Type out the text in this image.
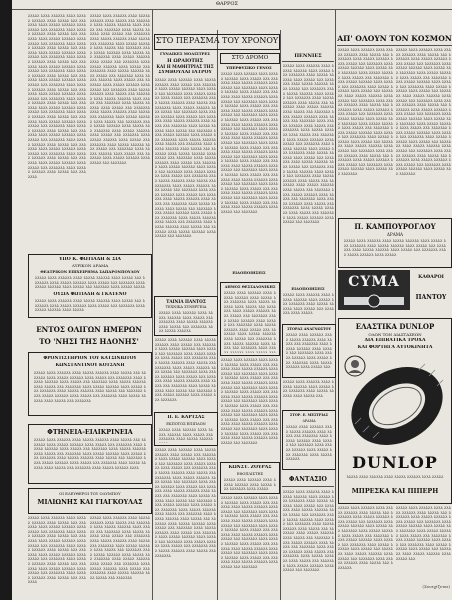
ΘΑΡΡΟΣ
λλλλλ λλλλ λλλλλλ λλλλ λλλλλ λλλλλλ λλλλ λλλλλ λλλ λλλλλλλ λλλλ λλλλλ λλλλλλ λλλλ λλλλλ λλλ λλλλλλλ λλλλ λλλλλ λλλλλλ λλλλ λλλλλ λλλ λλλλλλλ λλλλ λλλλλ λλλλλλ λλλλ λλλλλ λλλ λλλλλλλ λλλλ λλλλλ λλλλλλ λλλλ λλλλλ λλλ λλλλλλλ λλλλ λλλλλ λλλλλλ λλλλ λλλλλ λλλ λλλλλλλ λλλλ λλλλλ λλλλλλ λλλλ λλλλλ λλλ λλλλλλλ λλλλ λλλλλ λλλλλλ λλλλ λλλλλ λλλ λλλλλλλ λλλλ λλλλλ λλλλλλ λλλλ λλλλλ λλλ λλλλλλλ λλλλ λλλλλ λλλλλλ λλλλ λλλλλ λλλ λλλλλλλ λλλλ λλλλλ λλλλλλ λλλλ λλλλλ λλλ λλλλλλλ λλλλ λλλλλ λλλλλλ λλλλ λλλλλ λλλ λλλλλλλ λλλλ λλλλλ λλλλλλ λλλλ λλλλλ λλλ λλλλλλλ λλλλ λλλλλ λλλλλλ λλλλ λλλλλ λλλ λλλλλλλ λλλλ λλλλλ λλλλλλ λλλλ λλλλλ λλλ λλλλλλλ λλλλ λλλλλ λλλλλλ λλλλ λλλλλ λλλ λλλλλλλ λλλλ λλλλλ λλλλλλ λλλλ λλλλλ λλλ λλλλλλλ λλλλ λλλλλ λλλλλλ λλλλ λλλλλ λλλ λλλλλλλ λλλλ λλλλλ λλλλλλ λλλλ λλλλλ λλλ λλλλλλλ λλλλ λλλλλ λλλλλλ λλλλ λλλλλ λλλ λλλλλλλ λλλλ λλλλλ λλλλλλ λλλλ λλλλλ λλλ λλλλλλλ λλλλ λλλλλ λλλλλλ λλλλ λλλλλ λλλ λλλλλλλ λλλλ λλλλλ λλλλλλ λλλλ λλλλλ λλλ λλλλλλλ
λλλλλ λλλλ λλλλλλ λλλλ λλλλλ λλλλλλ λλλλ λλλλλ λλλ λλλλλλλ λλλλ λλλλλ λλλλλλ λλλλ λλλλλ λλλ λλλλλλλ λλλλ λλλλλ λλλλλλ λλλλ λλλλλ λλλ λλλλλλλ λλλλ λλλλλ λλλλλλ λλλλ λλλλλ λλλ λλλλλλλ λλλλ λλλλλ λλλλλλ λλλλ λλλλλ λλλ λλλλλλλ λλλλ λλλλλ λλλλλλ λλλλ λλλλλ λλλ λλλλλλλ λλλλ λλλλλ λλλλλλ λλλλ λλλλλ λλλ λλλλλλλ λλλλ λλλλλ λλλλλλ λλλλ λλλλλ λλλ λλλλλλλ λλλλ λλλλλ λλλλλλ λλλλ λλλλλ λλλ λλλλλλλ λλλλ λλλλλ λλλλλλ λλλλ λλλλλ λλλ λλλλλλλ λλλλ λλλλλ λλλλλλ λλλλ λλλλλ λλλ λλλλλλλ λλλλ λλλλλ λλλλλλ λλλλ λλλλλ λλλ λλλλλλλ λλλλ λλλλλ λλλλλλ λλλλ λλλλλ λλλ λλλλλλλ λλλλ λλλλλ λλλλλλ λλλλ λλλλλ λλλ λλλλλλλ λλλλ λλλλλ λλλλλλ λλλλ λλλλλ λλλ λλλλλλλ λλλλ λλλλλ λλλλλλ λλλλ λλλλλ λλλ λλλλλλλ λλλλ λλλλλ λλλλλλ λλλλ λλλλλ λλλ λλλλλλλ λλλλ λλλλλ λλλλλλ λλλλ λλλλλ λλλ λλλλλλλ λλλλ λλλλλ λλλλλλ λλλλ λλλλλ λλλ λλλλλλλ λλλλ λλλλλ λλλλλλ λλλλ λλλλλ λλλ λλλλλλλ λλλλ λλλλλ λλλλλλ λλλλ λλλλλ λλλ λλλλλλλ λλλλ λλλλλ λλλλλλ λλλλ λλλλλ λλλ λλλλλλλ
ΥΠΟ Κ. ΦΩΤΙΑΔΗ & ΣΙΑ
ΛΥΡΙΚΟΝ ΔΡΑΜΑ
ΘΕΑΤΡΙΚΟΝ ΕΠΙΧΕΙΡΗΜΑ ΣΑΠΑΡΟΝΠΟΥΛΟΥ
λλλλλ λλλλ λλλλλλ λλλλ λλλλλ λλλλλλ λλλλ λλλλλ λλλ λλλλλλλ λλλλ λλλλλ λλλλλλ λλλλ λλλλλ λλλ λλλλλλλ λλλλ λλλλλ λλλλλλ λλλλ λλλλλ λλλ λλλλλλλ λλλλ λλλλλ λλλλλ
ΟΥΣΙΑ ΦΩΤΙΑΔΗ & ΓΚΑΤΕΝΟ
λλλλλ λλλλ λλλλλλ λλλλ λλλλλ λλλλλλ λλλλ λλλλλ λλλ λλλλλλλ λλλλ λλλλλ λλλλλλ λλλλ λλλλλ λλλ λλλλλλλ λλλλ λλλλλ λλλλλλ λλλλ λλλλλ
ΕΝΤΟΣ ΟΛΙΓΩΝ ΗΜΕΡΩΝ
ΤΟ 'ΝΗΣΙ ΤΗΣ ΗΔΟΝΗΣ'
ΦΡΟΝΤΙΣΤΗΡΙΟΝ ΤΟΥ ΚΑΤΣΙΝΙΩΤΟΥ
ΚΩΝΣΤΑΝΤΙΝΟΥ ΚΟΤΣΑΝΗ
λλλλλ λλλλ λλλλλλ λλλλ λλλλλ λλλλλλ λλλλ λλλλλ λλλ λλλλλλλ λλλλ λλλλλ λλλλλλ λλλλ λλλλλ λλλ λλλλλλλ λλλλ λλλλλ λλλλλλ λλλλ λλλλλ λλλ λλλλλλλ λλλλ λλλλλ λλλλλλ λλλλ λλλλλ λλλ λλλλλλλ λλλλ λλλλλ λλλλλλ λλλλ λλλλλ λλλ λλλλλλλ λλλλ λλλλλ λλλλλλ λλλλ λλλλλ λλλ λλλλλλλ λλλλ λλλλλ λλλλλλ λλλλ λλλλλ λλλ λλλλλλλ λλλλ λλλλλ λλλλλλ λλλλ λλλλλ λλλ λλλλλλλ
ΦΤΗΝΕΙΑ-ΕΙΛΙΚΡΙΝΕΙΑ
λλλλλ λλλλ λλλλλλ λλλλ λλλλλ λλλλλλ λλλλ λλλλλ λλλ λλλλλλλ λλλλ λλλλλ λλλλλλ λλλλ λλλλλ λλλ λλλλλλλ λλλλ λλλλλ λλλλλλ λλλλ λλλλλ λλλ λλλλλλλ λλλλ λλλλλ λλλλλλ λλλλ λλλλλ λλλ λλλλλλλ λλλλ λλλλλ λλλλλλ λλλλ λλλλλ λλλ λλλλλλλ λλλλ λλλλλ λλλλλλ λλλλ λλλλλ λλλ λλλλλλλ λλλλ λλλλλ λλλλλλ λλλλ λλλλλ λλλ λλλλλλλ λλλλ λλλλλ λλλλλλ λλλλ λλλλλ λλλ λλλλλλλ λλλλ λλλλλ λλλλλλ λλλλ
ΟΙ ΕΛΕΥΘΕΡΟΙ ΤΟΥ ΟΛΥΜΠΟΥ
ΜΙΛΙΩΝΗΣ ΚΑΙ ΓΙΑΓΚΟΥΛΑΣ
λλλλλ λλλλ λλλλλλ λλλλ λλλλλ λλλλλλ λλλλ λλλλλ λλλ λλλλλλλ λλλλ λλλλλ λλλλλλ λλλλ λλλλλ λλλ λλλλλλλ λλλλ λλλλλ λλλλλλ λλλλ λλλλλ λλλ λλλλλλλ λλλλ λλλλλ λλλλλλ λλλλ λλλλλ λλλ λλλλλλλ λλλλ λλλλλ λλλλλλ λλλλ λλλλλ λλλ λλλλλλλ λλλλ λλλλλ λλλλλλ λλλλ λλλλλ λλλ λλλλλλλ λλλλ λλλλλ λλλλλλ λλλλ λλλλλ λλλ λλλλλλλ λλλλ λλλλλ λλλλλλ λλλλ λλλλλ λλλ λλλλλλλ λλλλ λλλλλ λλλλλλ λλλλ λλλλλ λλλ λλλλλλλ
λλλλλ λλλλ λλλλλλ λλλλ λλλλλ λλλλλλ λλλλ λλλλλ λλλ λλλλλλλ λλλλ λλλλλ λλλλλλ λλλλ λλλλλ λλλ λλλλλλλ λλλλ λλλλλ λλλλλλ λλλλ λλλλλ λλλ λλλλλλλ λλλλ λλλλλ λλλλλλ λλλλ λλλλλ λλλ λλλλλλλ λλλλ λλλλλ λλλλλλ λλλλ λλλλλ λλλ λλλλλλλ λλλλ λλλλλ λλλλλλ λλλλ λλλλλ λλλ λλλλλλλ λλλλ λλλλλ λλλλλλ λλλλ λλλλλ λλλ λλλλλλλ λλλλ λλλλλ λλλλλλ λλλλ λλλλλ λλλ λλλλλλλ λλλλ λλλλλ λλλλλλ λλλλ λλλλλ λλλ λλλλλλλ
ΣΤΟ ΠΕΡΑΣΜΑ ΤΟΥ ΧΡΟΝΟΥ
ΓΥΝΑΙΚΕΣ ΜΟΔΙΣΤΡΕΣ
Η ΩΡΑΙΟΤΗΣ
ΚΑΙ Η ΜΑΘΗΤΡΙΑΣ ΤΗΣ
ΣΥΜΒΟΥΛΑΙ ΙΑΤΡΟΥ
λλλλλ λλλλ λλλλλλ λλλλ λλλλλ λλλλλλ λλλλ λλλλλ λλλ λλλλλλλ λλλλ λλλλλ λλλλλλ λλλλ λλλλλ λλλ λλλλλλλ λλλλ λλλλλ λλλλλλ λλλλ λλλλλ λλλ λλλλλλλ λλλλ λλλλλ λλλλλλ λλλλ λλλλλ λλλ λλλλλλλ λλλλ λλλλλ λλλλλλ λλλλ λλλλλ λλλ λλλλλλλ λλλλ λλλλλ λλλλλλ λλλλ λλλλλ λλλ λλλλλλλ λλλλ λλλλλ λλλλλλ λλλλ λλλλλ λλλ λλλλλλλ λλλλ λλλλλ λλλλλλ λλλλ λλλλλ λλλ λλλλλλλ λλλλ λλλλλ λλλλλλ λλλλ λλλλλ λλλ λλλλλλλ λλλλ λλλλλ λλλλλλ λλλλ λλλλλ λλλ λλλλλλλ λλλλ λλλλλ λλλλλλ λλλλ λλλλλ λλλ λλλλλλλ λλλλ λλλλλ λλλλλλ λλλλ λλλλλ λλλ λλλλλλλ λλλλ λλλλλ λλλλλλ λλλλ λλλλλ λλλ λλλλλλλ λλλλ λλλλλ λλλλλλ λλλλ λλλλλ λλλ λλλλλλλ λλλλ λλλλλ λλλλλλ λλλλ λλλλλ λλλ λλλλλλλ λλλλ λλλλλ λλλλλλ λλλλ λλλλλ λλλ λλλλλλλ λλλλ λλλλλ λλλλλλ λλλλ λλλλλ λλλ λλλλλλλ λλλλ λλλλλ λλλλλλ λλλλ λλλλλ λλλ λλλλλλλ λλλλ λλλλλ λλλλλλ λλλλ λλλλλ λλλ λλλλλλλ λλλλ λλλλλ λλλλλλ λλλλ λλλλλ λλλ λλλλλλλ λλλλ λλλλλ λλλλλλ λλλλ λλλλλ λλλ λλλλλλλ λλλλ λλλλλ λλλλλλ λλλλ λλλλλ λλλ λλλλλλλ λλλλ λλλλλ λλλλλλ λλλλ λλλλλ λλλ λλλλλλλ λλλλ λλλλλ λλλλλλ λλλλ λλλλλ λλλ λλλλλλλ
ΣΤΟ ΔΡΟΜΟ
ΥΠΕΡΦΥΣΙΚΟ ΓΕΝΟΣ
λλλλλ λλλλ λλλλλλ λλλλ λλλλλ λλλλλλ λλλλ λλλλλ λλλ λλλλλλλ λλλλ λλλλλ λλλλλλ λλλλ λλλλλ λλλ λλλλλλλ λλλλ λλλλλ λλλλλλ λλλλ λλλλλ λλλ λλλλλλλ λλλλ λλλλλ λλλλλλ λλλλ λλλλλ λλλ λλλλλλλ λλλλ λλλλλ λλλλλλ λλλλ λλλλλ λλλ λλλλλλλ λλλλ λλλλλ λλλλλλ λλλλ λλλλλ λλλ λλλλλλλ λλλλ λλλλλ λλλλλλ λλλλ λλλλλ λλλ λλλλλλλ λλλλ λλλλλ λλλλλλ λλλλ λλλλλ λλλ λλλλλλλ λλλλ λλλλλ λλλλλλ λλλλ λλλλλ λλλ λλλλλλλ λλλλ λλλλλ λλλλλλ λλλλ λλλλλ λλλ λλλλλλλ λλλλ λλλλλ λλλλλλ λλλλ λλλλλ λλλ λλλλλλλ λλλλ λλλλλ λλλλλλ λλλλ λλλλλ λλλ λλλλλλλ λλλλ λλλλλ λλλλλλ λλλλ λλλλλ λλλ λλλλλλλ λλλλ λλλλλ λλλλλλ λλλλ λλλλλ λλλ λλλλλλλ λλλλ λλλλλ λλλλλλ λλλλ λλλλλ λλλ λλλλλλλ λλλλ λλλλλ λλλλλλ λλλλ λλλλλ λλλ λλλλλλλ λλλλ λλλλλ λλλλλλ λλλλ λλλλλ λλλ λλλλλλλ λλλλ λλλλλ λλλλλλ λλλλ λλλλλ λλλ λλλλλλλ λλλλ λλλλλ λλλλλλ λλλλ λλλλλ λλλ λλλλλλλ λλλλ λλλλλ λλλλλλ λλλλ λλλλλ λλλ λλλλλλλ
ΕΙΔΟΠΟΙΗΣΕΙΣ
ΠΕΝΝΙΕΣ
λλλλλ λλλλ λλλλλλ λλλλ λλλλλ λλλλλλ λλλλ λλλλλ λλλ λλλλλλλ λλλλ λλλλλ λλλλλλ λλλλ λλλλλ λλλ λλλλλλλ λλλλ λλλλλ λλλλλλ λλλλ λλλλλ λλλ λλλλλλλ λλλλ λλλλλ λλλλλλ λλλλ λλλλλ λλλ λλλλλλλ λλλλ λλλλλ λλλλλλ λλλλ λλλλλ λλλ λλλλλλλ λλλλ λλλλλ λλλλλλ λλλλ λλλλλ λλλ λλλλλλλ λλλλ λλλλλ λλλλλλ λλλλ λλλλλ λλλ λλλλλλλ λλλλ λλλλλ λλλλλλ λλλλ λλλλλ λλλ λλλλλλλ λλλλ λλλλλ λλλλλλ λλλλ λλλλλ λλλ λλλλλλλ λλλλ λλλλλ λλλλλλ λλλλ λλλλλ λλλ λλλλλλλ λλλλ λλλλλ λλλλλλ λλλλ λλλλλ λλλ λλλλλλλ λλλλ λλλλλ λλλλλλ λλλλ λλλλλ λλλ λλλλλλλ λλλλ λλλλλ λλλλλλ λλλλ λλλλλ λλλ λλλλλλλ λλλλ λλλλλ λλλλλλ λλλλ λλλλλ λλλ λλλλλλλ λλλλ λλλλλ λλλλλλ λλλλ λλλλλ λλλ λλλλλλλ λλλλ λλλλλ λλλλλλ λλλλ λλλλλ λλλ λλλλλλλ λλλλ λλλλλ λλλλλλ λλλλ λλλλλ λλλ λλλλλλλ λλλλ λλλλλ λλλλλλ λλλλ λλλλλ λλλ λλλλλλλ λλλλ λλλλλ λλλλλλ λλλλ λλλλλ λλλ λλλλλλλ λλλλ λλλλλ λλλλλλ λλλλ λλλλλ λλλ λλλλλλλ
ΤΑΙΝΙΑ ΠΑΝΤΟΣ
ΤΕΧΝΙΚΑ ΣΥΝΕΡΓΕΙΑ
λλλλλ λλλλ λλλλλλ λλλλ λλλλλ λλλλλλ λλλλ λλλλλ λλλ λλλλλλλ λλλλ λλλλλ λλλλλλ λλλλ λλλλλ λλλ λλλλλλλ λλλλ λλλλλ λλλλλλ
λλλλλ λλλλ λλλλλλ λλλλ λλλλλ λλλλλλ λλλλ λλλλλ λλλ λλλλλλλ λλλλ λλλλλ λλλλλλ λλλλ λλλλλ λλλ λλλλλλλ λλλλ λλλλλ λλλλλλ λλλλ λλλλλ λλλ λλλλλλλ λλλλ λλλλλ λλλλλλ λλλλ λλλλλ λλλ λλλλλλλ λλλλ λλλλλ λλλλλλ λλλλ λλλλλ λλλ λλλλλλλ λλλλ λλλλλ λλλλλλ λλλλ λλλλλ λλλ λλλλλλλ λλλλ λλλλλ λλλλλλ λλλλ λλλλλ λλλ λλλλλλλ λλλλ λλλλλ λλλλλλ λλλλ λλλλλ λλλ λλλλλλλ λλλλ λλλλλ λλλλλλ λλλλ λλλλλ λλλ λλλλλλλ
Π. Ε. ΚΑΡΤΣΑΣ
ΕΚΠΟΤΟΣ ΕΠΙΠΛΩΝ
λλλλλ λλλλ λλλλλλ λλλλ λλλλλ λλλλλλ λλλλ λλλλλ λλλ λλλλλλλ λλλλ λλλλλ λλλλλλ
λλλλλ λλλλ λλλλλλ λλλλ λλλλλ λλλλλλ λλλλ λλλλλ λλλ λλλλλλλ λλλλ λλλλλ λλλλλλ λλλλ λλλλλ λλλ λλλλλλλ λλλλ λλλλλ λλλλλλ λλλλ λλλλλ λλλ λλλλλλλ λλλλ λλλλλ λλλλλλ λλλλ λλλλλ λλλ λλλλλλλ λλλλ λλλλλ λλλλλλ λλλλ λλλλλ λλλ λλλλλλλ λλλλ λλλλλ λλλλλλ λλλλ λλλλλ λλλ λλλλλλλ λλλλ λλλλλ λλλλλλ λλλλ λλλλλ λλλ λλλλλλλ λλλλ λλλλλ λλλλλλ λλλλ λλλλλ λλλ λλλλλλλ λλλλ λλλλλ λλλλλλ λλλλ λλλλλ λλλ λλλλλλλ λλλλ λλλλλ λλλλλλ λλλλ λλλλλ λλλ λλλλλλλ λλλλ λλλλλ λλλλλλ λλλλ λλλλλ λλλ λλλλλλλ λλλλ λλλλλ λλλλλλ λλλλ λλλλλ λλλ λλλλλλλ λλλλ λλλλλ λλλλλλ λλλλ λλλλλ λλλ λλλλλλλ λλλλ λλλλλ λλλλλλ λλλλ λλλλλ λλλ λλλλλλλ λλλλ λλλλλ λλλλλλ λλλλ λλλλλ λλλ λλλλλλλ λλλλ λλλλλ λλλλλλ λλλλ λλλλλ λλλ λλλλλλλ
ΔΗΜΟΣ ΘΕΣΣΑΛΟΝΙΚΗΣ
λλλλλ λλλλ λλλλλλ λλλλ λλλλλ λλλλλλ λλλλ λλλλλ λλλ λλλλλλλ λλλλ λλλλλ λλλλλλ λλλλ λλλλλ λλλ λλλλλλλ λλλλ λλλλλ λλλλλλ λλλλ λλλλλ λλλ λλλλλλλ λλλλ λλλλλ λλλλλλ λλλλ λλλλλ λλλ λλλλλλλ λλλλ λλλλλ λλλλλλ λλλλ λλλλλ λλλ λλλλλλλ λλλλ λλλλλ λλλλλλ λλλλ λλλλλ λλλ λλλλλλλ λλλλ λλλλλ λλλλλλ λλλλ λλλλλ λλλ λλλλλλλ λλλλ λλλλλ λλλλλλ λλλλ λλλλλ λλλ
λλλλλ λλλλ λλλλλλ λλλλ λλλλλ λλλλλλ λλλλ λλλλλ λλλ λλλλλλλ λλλλ λλλλλ λλλλλλ λλλλ λλλλλ λλλ λλλλλλλ λλλλ λλλλλ λλλλλλ λλλλ λλλλλ λλλ λλλλλλλ λλλλ λλλλλ λλλλλλ λλλλ λλλλλ λλλ λλλλλλλ λλλλ λλλλλ λλλλλλ λλλλ λλλλλ λλλ λλλλλλλ λλλλ λλλλλ λλλλλλ λλλλ λλλλλ λλλ λλλλλλλ λλλλ λλλλλ λλλλλλ λλλλ λλλλλ λλλ λλλλλλλ λλλλ λλλλλ λλλλλλ λλλλ λλλλλ λλλ λλλλλλλ λλλλ λλλλλ λλλλλλ λλλλ λλλλλ λλλ λλλλλλλ λλλλ λλλλλ λλλλλλ λλλλ λλλλλ λλλ λλλλλλλ λλλλ λλλλλ λλλλλλ λλλλ λλλλλ λλλ λλλλλλλ λλλλ λλλλλ λλλλλλ λλλλ λλλλλ λλλ λλλλλλλ
ΚΩΝΣΤ. ΖΟΥΡΑΣ
ΕΦΟΠΛΙΣΤΗΣ
λλλλλ λλλλ λλλλλλ λλλλ λλλλλ λλλλλλ λλλλ λλλλλ λλλ λλλλλλλ λλλλ λλλλλ
λλλλλ λλλλ λλλλλλ λλλλ λλλλλ λλλλλλ λλλλ λλλλλ λλλ λλλλλλλ λλλλ λλλλλ λλλλλλ λλλλ λλλλλ λλλ λλλλλλλ λλλλ λλλλλ λλλλλλ λλλλ λλλλλ λλλ λλλλλλλ λλλλ λλλλλ λλλλλλ λλλλ λλλλλ λλλ λλλλλλλ λλλλ λλλλλ λλλλλλ λλλλ λλλλλ λλλ λλλλλλλ λλλλ λλλλλ λλλλλλ λλλλ λλλλλ λλλ λλλλλλλ λλλλ λλλλλ λλλλλλ λλλλ λλλλλ λλλ λλλλλλλ λλλλ λλλλλ λλλλλλ λλλλ λλλλλ λλλ λλλλλλλ λλλλ λλλλλ λλλλλλ λλλλ λλλλλ λλλ λλλλλλλ λλλλ λλλλλ λλλλλλ λλλλ λλλλλ λλλ λλλλλλλ
ΕΙΔΟΠΟΙΗΣΕΙΣ
λλλλλ λλλλ λλλλλλ λλλλ λλλλλ λλλλλλ λλλλ λλλλλ λλλ λλλλλλλ λλλλ λλλλλ λλλλλλ λλλλ λλλλλ λλλ λλλλλλλ λλλλ λλλλλ
ΣΤΟΡΑΣ ΑΝΑΓΝΩΣΤΟΥ
λλλλλ λλλλ λλλλλλ λλλλ λλλλλ λλλλλλ λλλλ λλλλλ λλλ λλλλλλλ λλλλ λλλλλ λλλλλλ λλλλ λλλλλ λλλ λλλλλλλ λλλλ λλλλλ λλλλλλ λλλλ λλλλλ λλλ λλλλλλλ λλλλ λλλλλ λλλλλλ λλλλ λλλλλ λλλ
λλλλλ λλλλ λλλλλλ λλλλ λλλλλ λλλλλλ λλλλ λλλλλ λλλ λλλλλλλ λλλλ λλλλλ λλλλλλ λλλλ λλλλλ λλλ
ΣΤΟΡ. Ε. ΜΕΣΤΡΙΑΣ
ΔΡΑΜΑ
λλλλλ λλλλ λλλλλλ λλλλ λλλλλ λλλλλλ λλλλ λλλλλ λλλ λλλλλλλ λλλλ λλλλλ λλλλλλ λλλλ λλλλλ λλλ λλλλλλλ λλλλ λλλλλ λλλλλλ λλλλ λλλλλ λλλ λλλλλλλ λλλλ λλλλλ λλλλλλ
ΦΑΝΤΑΣΙΟ
λλλλλ λλλλ λλλλλλ λλλλ λλλλλ λλλλλλ λλλλ λλλλλ λλλ λλλλλλλ λλλλ λλλλλ λλλλλλ λλλλ λλλλλ λλλ λλλλλλλ λλλλ λλλλλ λλλλλλ λλλλ λλλλλ λλλ λλλλλλλ λλλλ λλλλλ λλλλλλ λλλλ λλλλλ λλλ λλλλλλλ λλλλ λλλλλ λλλλλλ λλλλ λλλλλ λλλ λλλλλλλ λλλλ λλλλλ λλλλλλ λλλλ λλλλλ λλλ λλλλλλλ λλλλ λλλλλ λλλλλλ λλλλ λλλλλ λλλ λλλλλλλ λλλλ λλλλλ λλλλλλ λλλλ λλλλλ λλλ λλλλλλλ λλλλ λλλλλ λλλλλλ λλλλ λλλλλ λλλ λλλλλλλ λλλλ λλλλλ λλλλλλ λλλλ λλλλλ λλλ λλλλλλλ
ΑΠ' ΟΛΟΥΝ ΤΟΝ ΚΟΣΜΟΝ
λλλλλ λλλλ λλλλλλ λλλλ λλλλλ λλλλλλ λλλλ λλλλλ λλλ λλλλλλλ λλλλ λλλλλ λλλλλλ λλλλ λλλλλ λλλ λλλλλλλ λλλλ λλλλλ λλλλλλ λλλλ λλλλλ λλλ λλλλλλλ λλλλ λλλλλ λλλλλλ λλλλ λλλλλ λλλ λλλλλλλ λλλλ λλλλλ λλλλλλ λλλλ λλλλλ λλλ λλλλλλλ λλλλ λλλλλ λλλλλλ λλλλ λλλλλ λλλ λλλλλλλ λλλλ λλλλλ λλλλλλ λλλλ λλλλλ λλλ λλλλλλλ λλλλ λλλλλ λλλλλλ λλλλ λλλλλ λλλ λλλλλλλ λλλλ λλλλλ λλλλλλ λλλλ λλλλλ λλλ λλλλλλλ λλλλ λλλλλ λλλλλλ λλλλ λλλλλ λλλ λλλλλλλ λλλλ λλλλλ λλλλλλ λλλλ λλλλλ λλλ λλλλλλλ λλλλ λλλλλ λλλλλλ λλλλ λλλλλ λλλ λλλλλλλ λλλλ λλλλλ λλλλλλ λλλλ λλλλλ λλλ λλλλλλλ λλλλ λλλλλ λλλλλλ λλλλ λλλλλ λλλ λλλλλλλ λλλλ λλλλλ λλλλλλ λλλλ λλλλλ λλλ λλλλλλλ λλλλ λλλλλ λλλλλλ λλλλ λλλλλ λλλ λλλλλλλ λλλλ λλλλλ λλλλλλ λλλλ λλλλλ λλλ λλλλλλλ
λλλλλ λλλλ λλλλλλ λλλλ λλλλλ λλλλλλ λλλλ λλλλλ λλλ λλλλλλλ λλλλ λλλλλ λλλλλλ λλλλ λλλλλ λλλ λλλλλλλ λλλλ λλλλλ λλλλλλ λλλλ λλλλλ λλλ λλλλλλλ λλλλ λλλλλ λλλλλλ λλλλ λλλλλ λλλ λλλλλλλ λλλλ λλλλλ λλλλλλ λλλλ λλλλλ λλλ λλλλλλλ λλλλ λλλλλ λλλλλλ λλλλ λλλλλ λλλ λλλλλλλ λλλλ λλλλλ λλλλλλ λλλλ λλλλλ λλλ λλλλλλλ λλλλ λλλλλ λλλλλλ λλλλ λλλλλ λλλ λλλλλλλ λλλλ λλλλλ λλλλλλ λλλλ λλλλλ λλλ λλλλλλλ λλλλ λλλλλ λλλλλλ λλλλ λλλλλ λλλ λλλλλλλ λλλλ λλλλλ λλλλλλ λλλλ λλλλλ λλλ λλλλλλλ λλλλ λλλλλ λλλλλλ λλλλ λλλλλ λλλ λλλλλλλ λλλλ λλλλλ λλλλλλ λλλλ λλλλλ λλλ λλλλλλλ λλλλ λλλλλ λλλλλλ λλλλ λλλλλ λλλ λλλλλλλ λλλλ λλλλλ λλλλλλ λλλλ λλλλλ λλλ λλλλλλλ λλλλ λλλλλ λλλλλλ λλλλ λλλλλ λλλ λλλλλλλ λλλλ λλλλλ λλλλλλ λλλλ λλλλλ λλλ λλλλλλλ
Π. ΚΑΜΠΟΥΡΟΓΛΟΥ
ΔΡΑΜΑ
λλλλλ λλλλ λλλλλλ λλλλ λλλλλ λλλλλλ λλλλ λλλλλ λλλ λλλλλλλ λλλλ λλλλλ λλλλλλ λλλλ λλλλλ λλλ λλλλλλλ λλλλ λλλλλ λλλλλλ λλλλ λλλλλ λλλ λλλλλλλ λλλλ λλλλλ λλλλλλ λλλλ λλλλλ
CYMA	ΚΑΘΑΡΟΙ
ΠΑΝΤΟΥ
ΕΛΑΣΤΙΚΑ DUNLOP
ΟΛΩΝ ΤΩΝ ΔΙΑΣΤΑΣΕΩΝ
ΔΙΑ ΕΠΙΒΑΤΙΚΑ ΤΡΟΧΑ
ΚΑΙ ΦΟΡΤΗΓΑ ΑΥΤΟΚΙΝΗΤΑ
DUNLOP
λλλλλ λλλλ λλλλλλ λλλλ λλλλλ λλλλλλ λλλλ λλλλλ
ΜΠΡΕΣΚΑ ΚΑΙ ΠΙΠΕΡΗ
λλλλλ λλλλ λλλλλλ λλλλ λλλλλ λλλλλλ λλλλ λλλλλ λλλ λλλλλλλ λλλλ λλλλλ λλλλλλ λλλλ λλλλλ λλλ λλλλλλλ λλλλ λλλλλ λλλλλλ λλλλ λλλλλ λλλ λλλλλλλ λλλλ λλλλλ λλλλλλ λλλλ λλλλλ λλλ λλλλλλλ λλλλ λλλλλ λλλλλλ λλλλ λλλλλ λλλ λλλλλλλ λλλλ λλλλλ λλλλλλ λλλλ λλλλλ λλλ λλλλλλλ λλλλ λλλλλ λλλλλλ λλλλ λλλλλ λλλ λλλλλλλ λλλλ λλλλλ λλλλλλ λλλλ λλλλλ λλλ λλλλλλλ
λλλλλ λλλλ λλλλλλ λλλλ λλλλλ λλλλλλ λλλλ λλλλλ λλλ λλλλλλλ λλλλ λλλλλ λλλλλλ λλλλ λλλλλ λλλ λλλλλλλ λλλλ λλλλλ λλλλλλ λλλλ λλλλλ λλλ λλλλλλλ λλλλ λλλλλ λλλλλλ λλλλ λλλλλ λλλ λλλλλλλ λλλλ λλλλλ λλλλλλ λλλλ λλλλλ λλλ λλλλλλλ λλλλ λλλλλ λλλλλλ λλλλ λλλλλ λλλ λλλλλλλ λλλλ λλλλλ λλλλλλ λλλλ λλλλλ λλλ
(Συνεχίζεται)
